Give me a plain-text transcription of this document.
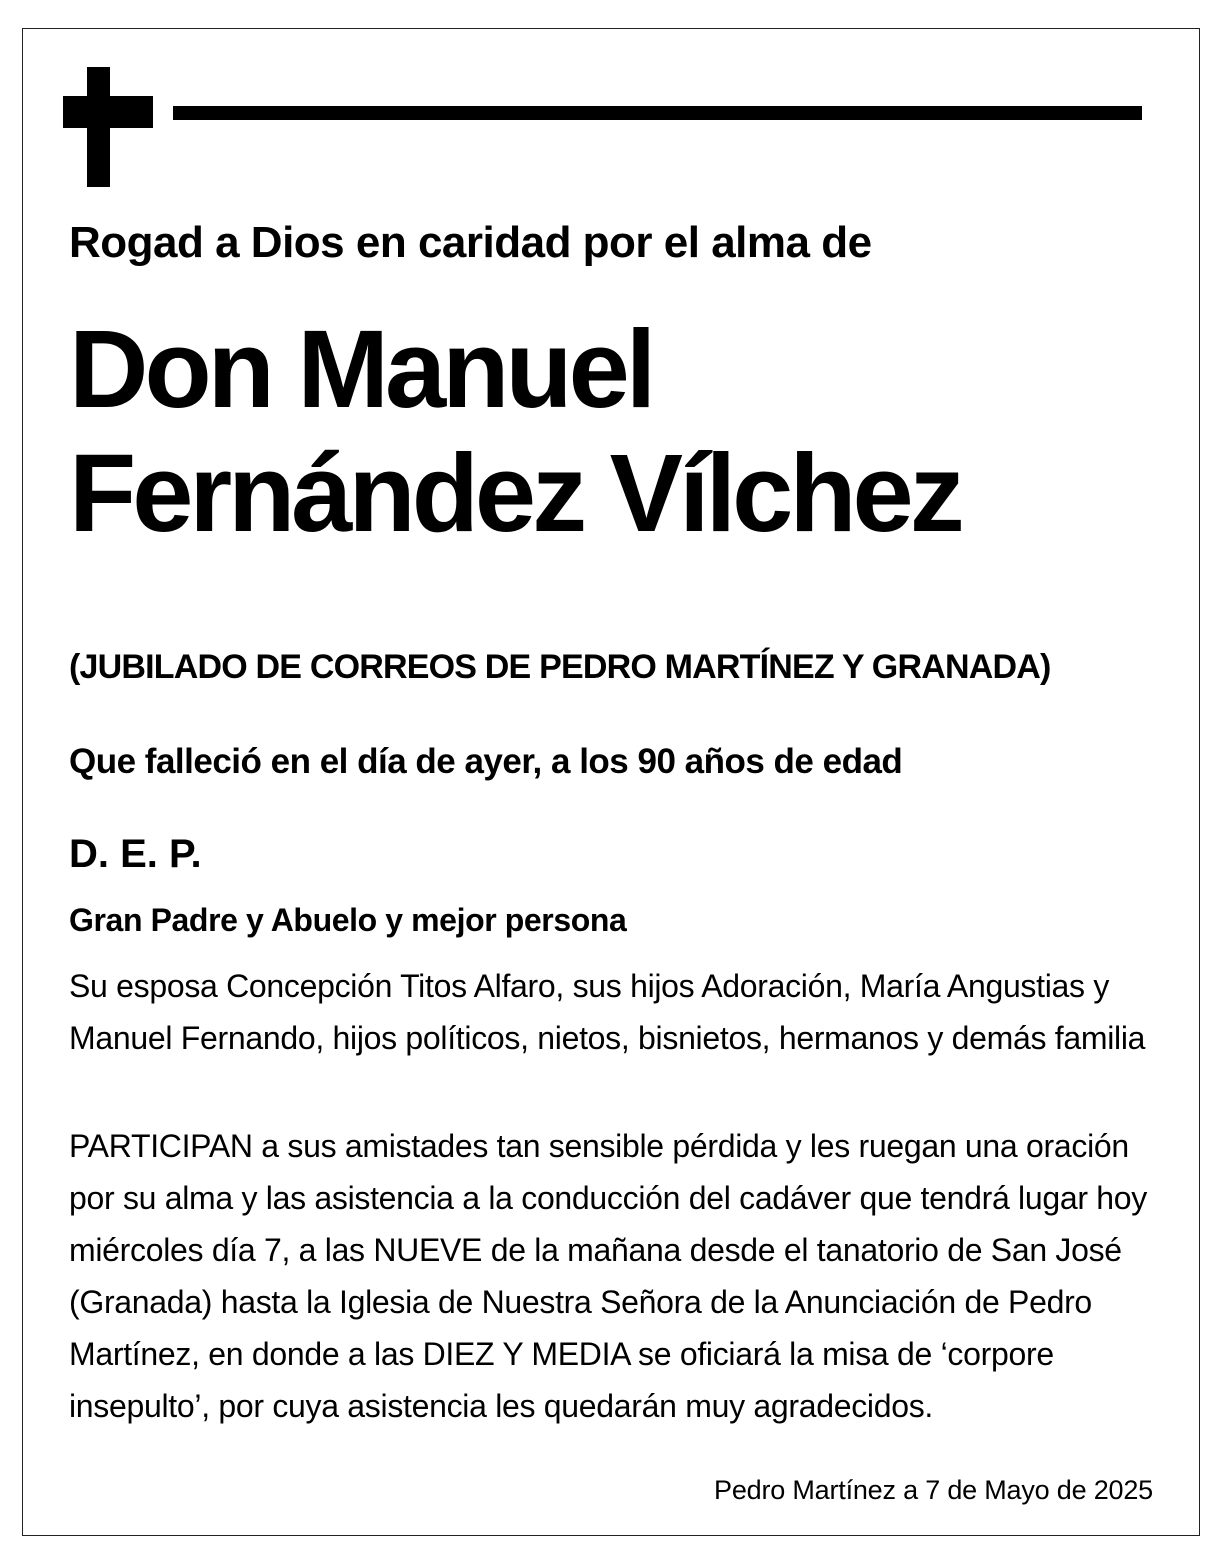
Rogad a Dios en caridad por el alma de

Don Manuel
Fernández Vílchez

(JUBILADO DE CORREOS DE PEDRO MARTÍNEZ Y GRANADA)

Que falleció en el día de ayer, a los 90 años de edad

D. E. P.

Gran Padre y Abuelo y mejor persona

Su esposa Concepción Titos Alfaro, sus hijos Adoración, María Angustias y Manuel Fernando, hijos políticos, nietos, bisnietos, hermanos y demás familia

PARTICIPAN a sus amistades tan sensible pérdida y les ruegan una oración por su alma y las asistencia a la conducción del cadáver que tendrá lugar hoy miércoles día 7, a las NUEVE de la mañana desde el tanatorio de San José (Granada) hasta la Iglesia de Nuestra Señora de la Anunciación de Pedro Martínez, en donde a las DIEZ Y MEDIA se oficiará la misa de ‘corpore insepulto’, por cuya asistencia les quedarán muy agradecidos.

Pedro Martínez a 7 de Mayo de 2025
